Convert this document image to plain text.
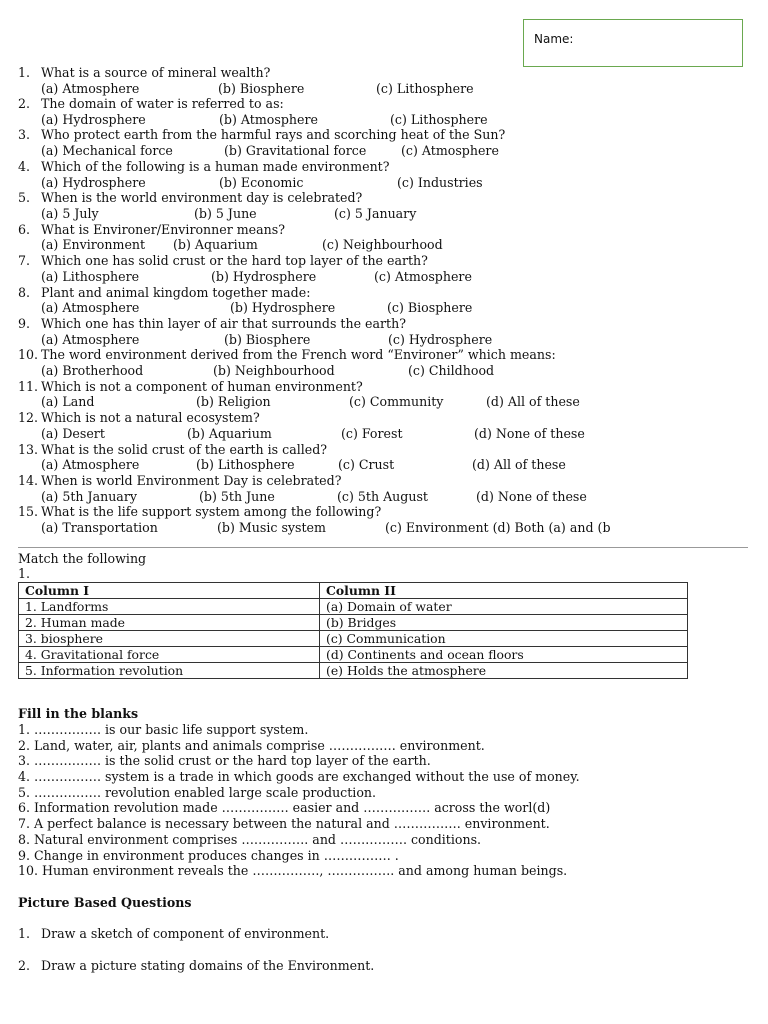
Name:
1. What is a source of mineral wealth?
(a) Atmosphere	(b) Biosphere	(c) Lithosphere
2. The domain of water is referred to as:
(a) Hydrosphere	(b) Atmosphere	(c) Lithosphere
3. Who protect earth from the harmful rays and scorching heat of the Sun?
(a) Mechanical force	(b) Gravitational force	(c) Atmosphere
4. Which of the following is a human made environment?
(a) Hydrosphere	(b) Economic	(c) Industries
5. When is the world environment day is celebrated?
(a) 5 July	(b) 5 June	(c) 5 January
6. What is Environer/Environner means?
(a) Environment (b) Aquarium	(c) Neighbourhood
7. Which one has solid crust or the hard top layer of the earth?
(a) Lithosphere	(b) Hydrosphere	(c) Atmosphere
8. Plant and animal kingdom together made:
(a) Atmosphere	(b) Hydrosphere	(c) Biosphere
9. Which one has thin layer of air that surrounds the earth?
(a) Atmosphere	(b) Biosphere	(c) Hydrosphere
10. The word environment derived from the French word “Environer” which means:
(a) Brotherhood	(b) Neighbourhood	(c) Childhood
11. Which is not a component of human environment?
(a) Land	(b) Religion	(c) Community	(d) All of these
12. Which is not a natural ecosystem?
(a) Desert	(b) Aquarium	(c) Forest	(d) None of these
13. What is the solid crust of the earth is called?
(a) Atmosphere	(b) Lithosphere	(c) Crust	(d) All of these
14. When is world Environment Day is celebrated?
(a) 5th January	(b) 5th June	(c) 5th August	(d) None of these
15. What is the life support system among the following?
(a) Transportation	(b) Music system	(c) Environment (d) Both (a) and (b
Match the following
1.
Column I	Column II
1. Landforms	(a) Domain of water
2. Human made	(b) Bridges
3. biosphere	(c) Communication
4. Gravitational force	(d) Continents and ocean floors
5. Information revolution	(e) Holds the atmosphere
Fill in the blanks
1. ……………. is our basic life support system.
2. Land, water, air, plants and animals comprise ……………. environment.
3. ……………. is the solid crust or the hard top layer of the earth.
4. ……………. system is a trade in which goods are exchanged without the use of money.
5. ……………. revolution enabled large scale production.
6. Information revolution made ……………. easier and ……………. across the worl(d)
7. A perfect balance is necessary between the natural and ……………. environment.
8. Natural environment comprises ……………. and ……………. conditions.
9. Change in environment produces changes in ……………. .
10. Human environment reveals the ……………., ……………. and among human beings.
Picture Based Questions
1. Draw a sketch of component of environment.
2. Draw a picture stating domains of the Environment.
